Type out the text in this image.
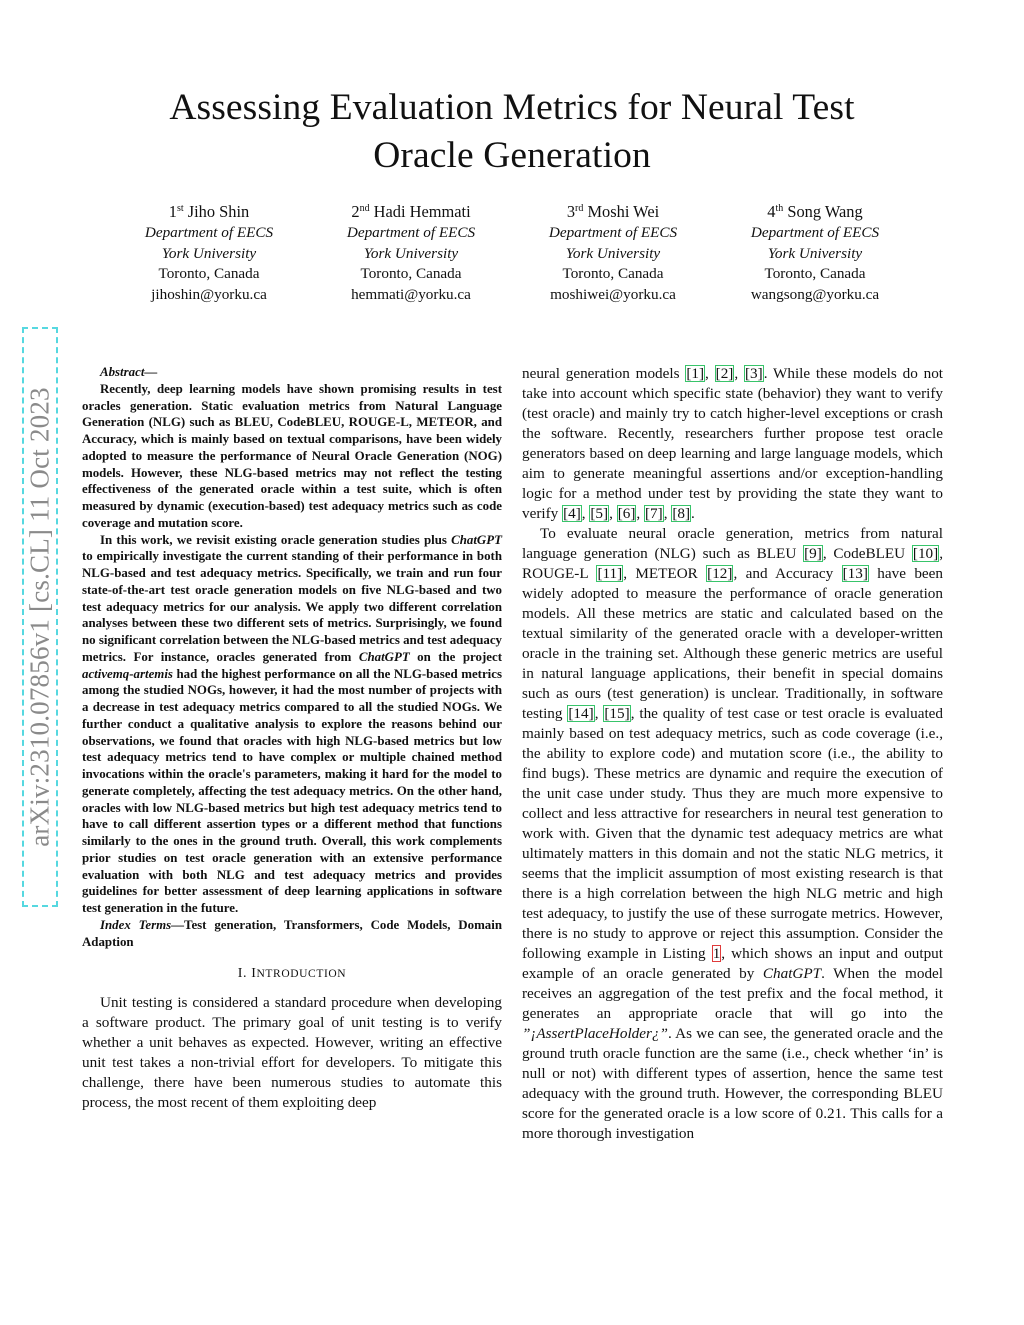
Assessing Evaluation Metrics for Neural Test
Oracle Generation
1st Jiho Shin
Department of EECS
York University
Toronto, Canada
jihoshin@yorku.ca
2nd Hadi Hemmati
Department of EECS
York University
Toronto, Canada
hemmati@yorku.ca
3rd Moshi Wei
Department of EECS
York University
Toronto, Canada
moshiwei@yorku.ca
4th Song Wang
Department of EECS
York University
Toronto, Canada
wangsong@yorku.ca
arXiv:2310.07856v1 [cs.CL] 11 Oct 2023

Abstract—

Recently, deep learning models have shown promising results in test oracles generation. Static evaluation metrics from Natural Language Generation (NLG) such as BLEU, CodeBLEU, ROUGE-L, METEOR, and Accuracy, which is mainly based on textual comparisons, have been widely adopted to measure the performance of Neural Oracle Generation (NOG) models. However, these NLG-based metrics may not reflect the testing effectiveness of the generated oracle within a test suite, which is often measured by dynamic (execution-based) test adequacy metrics such as code coverage and mutation score.

In this work, we revisit existing oracle generation studies plus ChatGPT to empirically investigate the current standing of their performance in both NLG-based and test adequacy metrics. Specifically, we train and run four state-of-the-art test oracle generation models on five NLG-based and two test adequacy metrics for our analysis. We apply two different correlation analyses between these two different sets of metrics. Surprisingly, we found no significant correlation between the NLG-based metrics and test adequacy metrics. For instance, oracles generated from ChatGPT on the project activemq-artemis had the highest performance on all the NLG-based metrics among the studied NOGs, however, it had the most number of projects with a decrease in test adequacy metrics compared to all the studied NOGs. We further conduct a qualitative analysis to explore the reasons behind our observations, we found that oracles with high NLG-based metrics but low test adequacy metrics tend to have complex or multiple chained method invocations within the oracle's parameters, making it hard for the model to generate completely, affecting the test adequacy metrics. On the other hand, oracles with low NLG-based metrics but high test adequacy metrics tend to have to call different assertion types or a different method that functions similarly to the ones in the ground truth. Overall, this work complements prior studies on test oracle generation with an extensive performance evaluation with both NLG and test adequacy metrics and provides guidelines for better assessment of deep learning applications in software test generation in the future.

Index Terms—Test generation, Transformers, Code Models, Domain Adaption

I. INTRODUCTION

Unit testing is considered a standard procedure when developing a software product. The primary goal of unit testing is to verify whether a unit behaves as expected. However, writing an effective unit test takes a non-trivial effort for developers. To mitigate this challenge, there have been numerous studies to automate this process, the most recent of them exploiting deep

neural generation models [1], [2], [3]. While these models do not take into account which specific state (behavior) they want to verify (test oracle) and mainly try to catch higher-level exceptions or crash the software. Recently, researchers further propose test oracle generators based on deep learning and large language models, which aim to generate meaningful assertions and/or exception-handling logic for a method under test by providing the state they want to verify [4], [5], [6], [7], [8].

To evaluate neural oracle generation, metrics from natural language generation (NLG) such as BLEU [9], CodeBLEU [10], ROUGE-L [11], METEOR [12], and Accuracy [13] have been widely adopted to measure the performance of oracle generation models. All these metrics are static and calculated based on the textual similarity of the generated oracle with a developer-written oracle in the training set. Although these generic metrics are useful in natural language applications, their benefit in special domains such as ours (test generation) is unclear. Traditionally, in software testing [14], [15], the quality of test case or test oracle is evaluated mainly based on test adequacy metrics, such as code coverage (i.e., the ability to explore code) and mutation score (i.e., the ability to find bugs). These metrics are dynamic and require the execution of the unit case under study. Thus they are much more expensive to collect and less attractive for researchers in neural test generation to work with. Given that the dynamic test adequacy metrics are what ultimately matters in this domain and not the static NLG metrics, it seems that the implicit assumption of most existing research is that there is a high correlation between the high NLG metric and high test adequacy, to justify the use of these surrogate metrics. However, there is no study to approve or reject this assumption. Consider the following example in Listing 1, which shows an input and output example of an oracle generated by ChatGPT. When the model receives an aggregation of the test prefix and the focal method, it generates an appropriate oracle that will go into the ”¡AssertPlaceHolder¿”. As we can see, the generated oracle and the ground truth oracle function are the same (i.e., check whether ‘in’ is null or not) with different types of assertion, hence the same test adequacy with the ground truth. However, the corresponding BLEU score for the generated oracle is a low score of 0.21. This calls for a more thorough investigation
